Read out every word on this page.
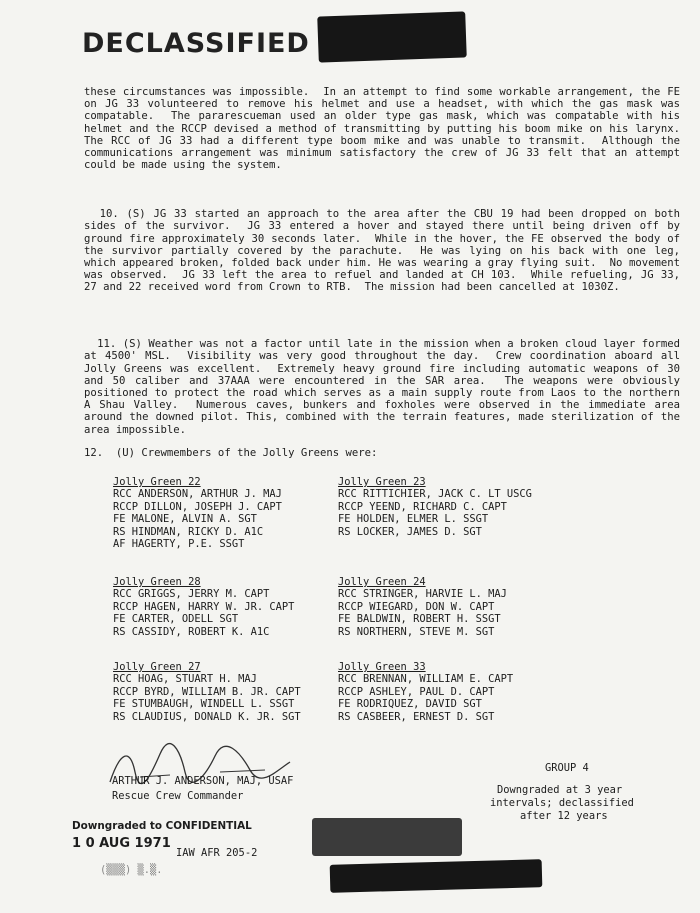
DECLASSIFIED
these circumstances was impossible.  In an attempt to find some workable arrangement, the FE on JG 33 volunteered to remove his helmet and use a headset, with which the gas mask was compatable.  The pararescueman used an older type gas mask, which was compatable with his helmet and the RCCP devised a method of transmitting by putting his boom mike on his larynx.  The RCC of JG 33 had a different type boom mike and was unable to transmit.  Although the communications arrangement was minimum satisfactory the crew of JG 33 felt that an attempt could be made using the system.

10. (S) JG 33 started an approach to the area after the CBU 19 had been dropped on both sides of the survivor.  JG 33 entered a hover and stayed there until being driven off by ground fire approximately 30 seconds later.  While in the hover, the FE observed the body of the survivor partially covered by the parachute.  He was lying on his back with one leg, which appeared broken, folded back under him. He was wearing a gray flying suit.  No movement was observed.  JG 33 left the area to refuel and landed at CH 103.  While refueling, JG 33, 27 and 22 received word from Crown to RTB.  The mission had been cancelled at 1030Z.

11. (S) Weather was not a factor until late in the mission when a broken cloud layer formed at 4500' MSL.  Visibility was very good throughout the day.  Crew coordination aboard all Jolly Greens was excellent.  Extremely heavy ground fire including automatic weapons of 30 and 50 caliber and 37AAA were encountered in the SAR area.  The weapons were obviously positioned to protect the road which serves as a main supply route from Laos to the northern A Shau Valley.  Numerous caves, bunkers and foxholes were observed in the immediate area around the downed pilot. This, combined with the terrain features, made sterilization of the area impossible.

12.  (U) Crewmembers of the Jolly Greens were:
Jolly Green 22
RCC ANDERSON, ARTHUR J. MAJ
RCCP DILLON, JOSEPH J. CAPT
FE MALONE, ALVIN A. SGT
RS HINDMAN, RICKY D. A1C
AF HAGERTY, P.E. SSGT
Jolly Green 23
RCC RITTICHIER, JACK C. LT USCG
RCCP YEEND, RICHARD C. CAPT
FE HOLDEN, ELMER L. SSGT
RS LOCKER, JAMES D. SGT
Jolly Green 28
RCC GRIGGS, JERRY M. CAPT
RCCP HAGEN, HARRY W. JR. CAPT
FE CARTER, ODELL SGT
RS CASSIDY, ROBERT K. A1C
Jolly Green 24
RCC STRINGER, HARVIE L. MAJ
RCCP WIEGARD, DON W. CAPT
FE BALDWIN, ROBERT H. SSGT
RS NORTHERN, STEVE M. SGT
Jolly Green 27
RCC HOAG, STUART H. MAJ
RCCP BYRD, WILLIAM B. JR. CAPT
FE STUMBAUGH, WINDELL L. SSGT
RS CLAUDIUS, DONALD K. JR. SGT
Jolly Green 33
RCC BRENNAN, WILLIAM E. CAPT
RCCP ASHLEY, PAUL D. CAPT
FE RODRIQUEZ, DAVID SGT
RS CASBEER, ERNEST D. SGT
ARTHUR J. ANDERSON, MAJ, USAF
Rescue Crew Commander
GROUP 4
Downgraded at 3 year
intervals; declassified
after 12 years
Downgraded to CONFIDENTIAL
1 0 AUG 1971
IAW AFR 205-2
(▒▒▒) ▒.▒.
